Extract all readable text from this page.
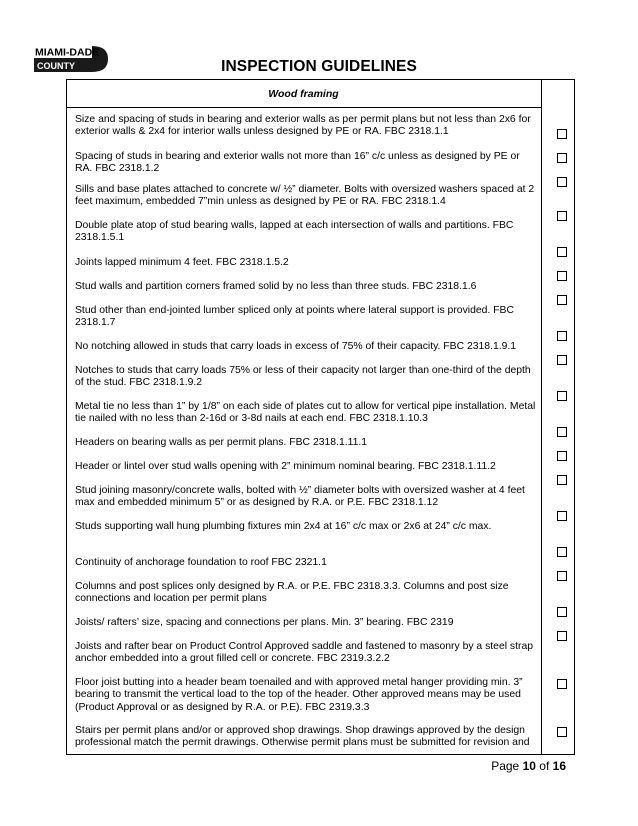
MIAMI-DADE
COUNTY	INSPECTION GUIDELINES
Wood framing
Size and spacing of studs in bearing and exterior walls as per permit plans but not less than 2x6 for exterior walls & 2x4 for interior walls unless designed by PE or RA. FBC 2318.1.1
Spacing of studs in bearing and exterior walls not more than 16” c/c unless as designed by PE or RA. FBC 2318.1.2
Sills and base plates attached to concrete w/ ½” diameter. Bolts with oversized washers spaced at 2 feet maximum, embedded 7”min unless as designed by PE or RA. FBC 2318.1.4
Double plate atop of stud bearing walls, lapped at each intersection of walls and partitions. FBC 2318.1.5.1
Joints lapped minimum 4 feet. FBC 2318.1.5.2
Stud walls and partition corners framed solid by no less than three studs. FBC 2318.1.6
Stud other than end-jointed lumber spliced only at points where lateral support is provided. FBC 2318.1.7
No notching allowed in studs that carry loads in excess of 75% of their capacity. FBC 2318.1.9.1
Notches to studs that carry loads 75% or less of their capacity not larger than one-third of the depth of the stud. FBC 2318.1.9.2
Metal tie no less than 1” by 1/8” on each side of plates cut to allow for vertical pipe installation. Metal tie nailed with no less than 2-16d or 3-8d nails at each end. FBC 2318.1.10.3
Headers on bearing walls as per permit plans. FBC 2318.1.11.1
Header or lintel over stud walls opening with 2” minimum nominal bearing. FBC 2318.1.11.2
Stud joining masonry/concrete walls, bolted with ½” diameter bolts with oversized washer at 4 feet max and embedded minimum 5” or as designed by R.A. or P.E. FBC 2318.1.12
Studs supporting wall hung plumbing fixtures min 2x4 at 16” c/c max or 2x6 at 24” c/c max.
Continuity of anchorage foundation to roof FBC 2321.1
Columns and post splices only designed by R.A. or P.E. FBC 2318.3.3. Columns and post size connections and location per permit plans
Joists/ rafters’ size, spacing and connections per plans. Min. 3” bearing. FBC 2319
Joists and rafter bear on Product Control Approved saddle and fastened to masonry by a steel strap anchor embedded into a grout filled cell or concrete. FBC 2319.3.2.2
Floor joist butting into a header beam toenailed and with approved metal hanger providing min. 3” bearing to transmit the vertical load to the top of the header. Other approved means may be used (Product Approval or as designed by R.A. or P.E). FBC 2319.3.3
Stairs per permit plans and/or or approved shop drawings. Shop drawings approved by the design professional match the permit drawings. Otherwise permit plans must be submitted for revision and
Page 10 of 16
